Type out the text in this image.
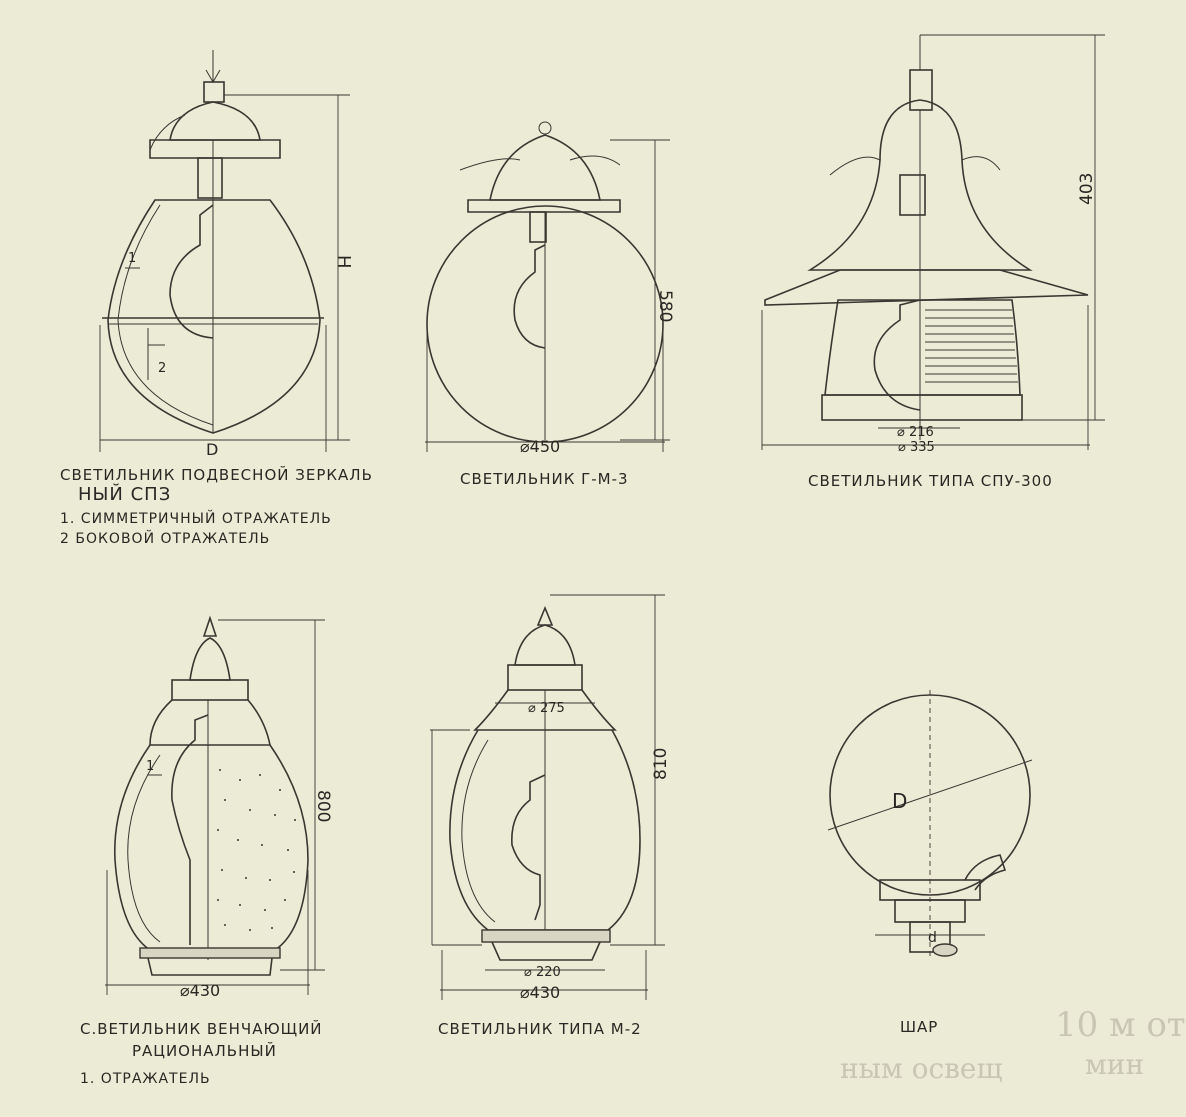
10 м от
ным освещ	мин
1
2
H
D
580
⌀450
403
⌀ 216
⌀ 335
1
800
⌀430
⌀ 275
810
⌀ 220
⌀430
D
d
СВЕТИЛЬНИК ПОДВЕСНОЙ ЗЕРКАЛЬ
НЫЙ СПЗ
1. СИММЕТРИЧНЫЙ ОТРАЖАТЕЛЬ
2 БОКОВОЙ ОТРАЖАТЕЛЬ
СВЕТИЛЬНИК Г-М-3	СВЕТИЛЬНИК ТИПА СПУ-300
С.ВЕТИЛЬНИК ВЕНЧАЮЩИЙ
РАЦИОНАЛЬНЫЙ
1. ОТРАЖАТЕЛЬ
СВЕТИЛЬНИК ТИПА М-2	ШАР
